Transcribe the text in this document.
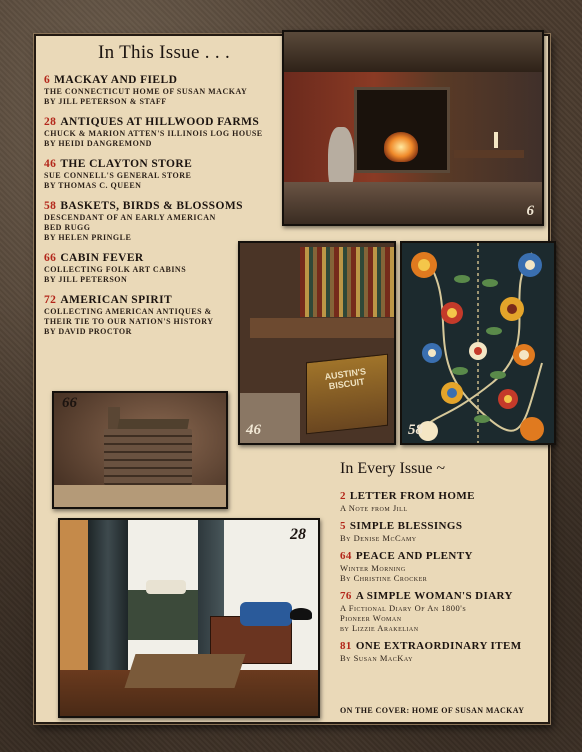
In This Issue . . .
6 MACKAY AND FIELD
THE CONNECTICUT HOME OF SUSAN MACKAY
BY JILL PETERSON & STAFF
28 ANTIQUES AT HILLWOOD FARMS
CHUCK & MARION ATTEN'S ILLINOIS LOG HOUSE
BY HEIDI DANGREMOND
46 THE CLAYTON STORE
SUE CONNELL'S GENERAL STORE
BY THOMAS C. QUEEN
58 BASKETS, BIRDS & BLOSSOMS
DESCENDANT OF AN EARLY AMERICAN
BED RUGG
BY HELEN PRINGLE
66 CABIN FEVER
COLLECTING FOLK ART CABINS
BY JILL PETERSON
72 AMERICAN SPIRIT
COLLECTING AMERICAN ANTIQUES &
THEIR TIE TO OUR NATION'S HISTORY
BY DAVID PROCTOR
6
AUSTIN'S BISCUIT
46	58
66
28
In Every Issue ~
2 LETTER FROM HOME
A Note from Jill
5 SIMPLE BLESSINGS
By Denise McCamy
64 PEACE AND PLENTY
Winter Morning
By Christine Crocker
76 A SIMPLE WOMAN'S DIARY
A Fictional Diary Of An 1800's
Pioneer Woman
by Lizzie Arakelian
81 ONE EXTRAORDINARY ITEM
By Susan MacKay
ON THE COVER: HOME OF SUSAN MACKAY
